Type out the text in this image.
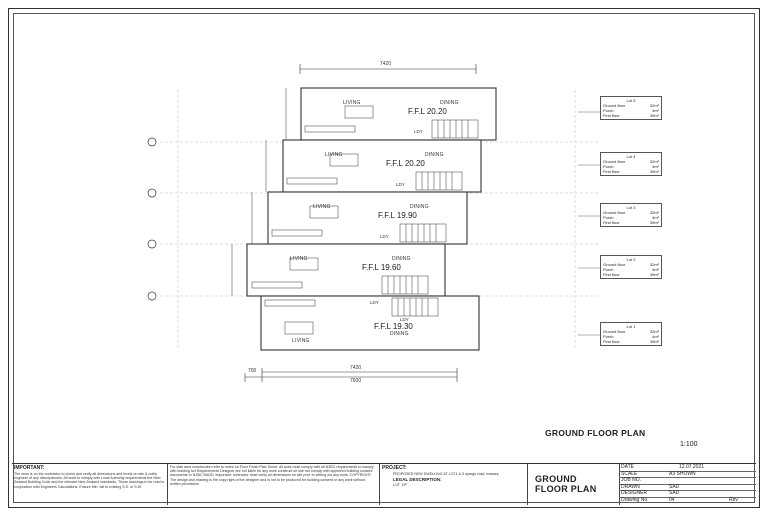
LIVING	DINING
F.F.L 20.20
LDY
LIVING	DINING
F.F.L 20.20
LDY
LIVING	DINING
F.F.L 19.90
LDY
LIVING	DINING
F.F.L 19.60
LDY
LIVING
DINING
F.F.L 19.30
LDY
7420
7420
7600
700
Lot 5
Ground floor	32m²
Porch	4m²
First floor	39m²
Lot 4
Ground floor	32m²
Porch	4m²
First floor	39m²
Lot 3
Ground floor	32m²
Porch	4m²
First floor	39m²
Lot 2
Ground floor	32m²
Porch	4m²
First floor	39m²
Lot 1
Ground floor	32m²
Porch	4m²
First floor	39m²
GROUND FLOOR PLAN
1:100
IMPORTANT:
The onus is on the contractor to check and verify all dimensions and levels on site & notify engineer of any discrepancies. All work to comply with Local Authority requirements the New Zealand Building Code and the relevant New Zealand standards. These drawings to be read in conjunction with Engineers Calculations. Ensure Min. fall to existing S.S. or S.W.
For slab area construction refer to notes on Floor Finish Plan Sheet. All work must comply with all NZBC requirements to comply with building Act Requirements Designer are not liable for any work construct on site not comply with approved building consent documents or NZBC BADD. Important: contractor must verify all dimensions on site prior to setting out any work. COPYRIGHT: The design and drawing is the copy right of the designer and is not to be produced for building consent or any work without written permission
PROJECT:
PROPOSED NEW DWELLING AT LOT1-& 5 spargo road, massey
LEGAL DESCRIPTION:
LOT .DP
GROUND
FLOOR PLAN
DATE	12.07.2021
SCALE	A3 SHOWN
JOB NO.
DRAWN	SAD
DESIGNER	SAD
Drawing No.	04	Rev
